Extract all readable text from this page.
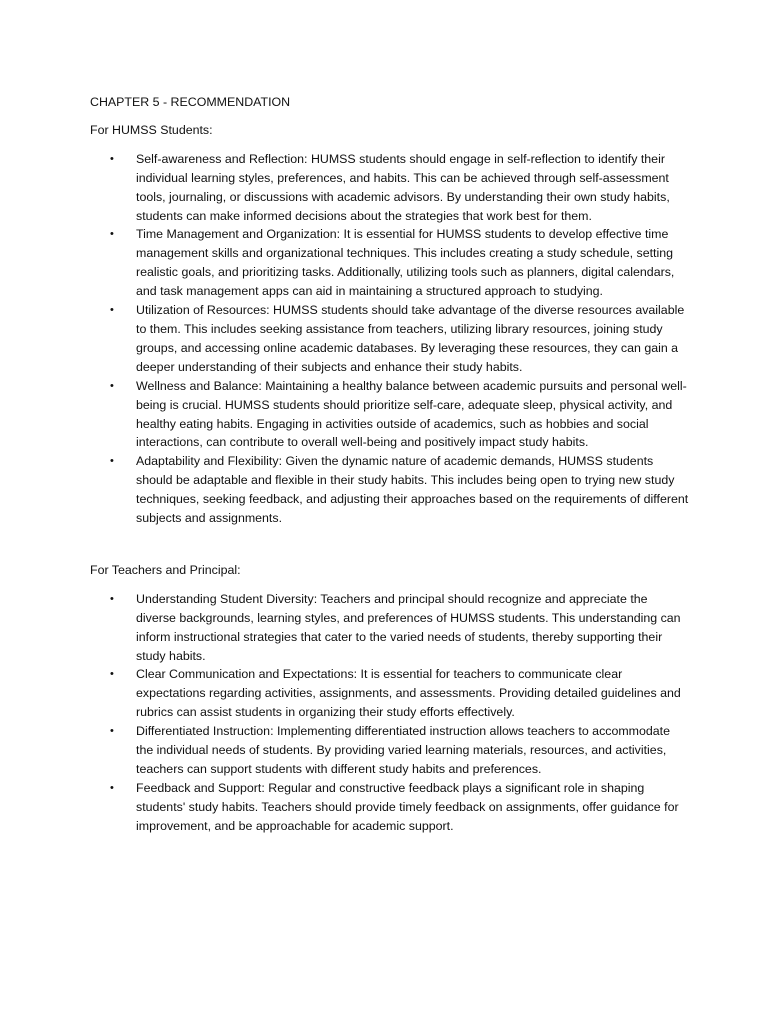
CHAPTER 5 - RECOMMENDATION

For HUMSS Students:

• Self-awareness and Reflection: HUMSS students should engage in self-reflection to identify their individual learning styles, preferences, and habits. This can be achieved through self-assessment tools, journaling, or discussions with academic advisors. By understanding their own study habits, students can make informed decisions about the strategies that work best for them.
• Time Management and Organization: It is essential for HUMSS students to develop effective time management skills and organizational techniques. This includes creating a study schedule, setting realistic goals, and prioritizing tasks. Additionally, utilizing tools such as planners, digital calendars, and task management apps can aid in maintaining a structured approach to studying.
• Utilization of Resources: HUMSS students should take advantage of the diverse resources available to them. This includes seeking assistance from teachers, utilizing library resources, joining study groups, and accessing online academic databases. By leveraging these resources, they can gain a deeper understanding of their subjects and enhance their study habits.
• Wellness and Balance: Maintaining a healthy balance between academic pursuits and personal well-being is crucial. HUMSS students should prioritize self-care, adequate sleep, physical activity, and healthy eating habits. Engaging in activities outside of academics, such as hobbies and social interactions, can contribute to overall well-being and positively impact study habits.
• Adaptability and Flexibility: Given the dynamic nature of academic demands, HUMSS students should be adaptable and flexible in their study habits. This includes being open to trying new study techniques, seeking feedback, and adjusting their approaches based on the requirements of different subjects and assignments.

For Teachers and Principal:

• Understanding Student Diversity: Teachers and principal should recognize and appreciate the diverse backgrounds, learning styles, and preferences of HUMSS students. This understanding can inform instructional strategies that cater to the varied needs of students, thereby supporting their study habits.
• Clear Communication and Expectations: It is essential for teachers to communicate clear expectations regarding activities, assignments, and assessments. Providing detailed guidelines and rubrics can assist students in organizing their study efforts effectively.
• Differentiated Instruction: Implementing differentiated instruction allows teachers to accommodate the individual needs of students. By providing varied learning materials, resources, and activities, teachers can support students with different study habits and preferences.
• Feedback and Support: Regular and constructive feedback plays a significant role in shaping students' study habits. Teachers should provide timely feedback on assignments, offer guidance for improvement, and be approachable for academic support.
